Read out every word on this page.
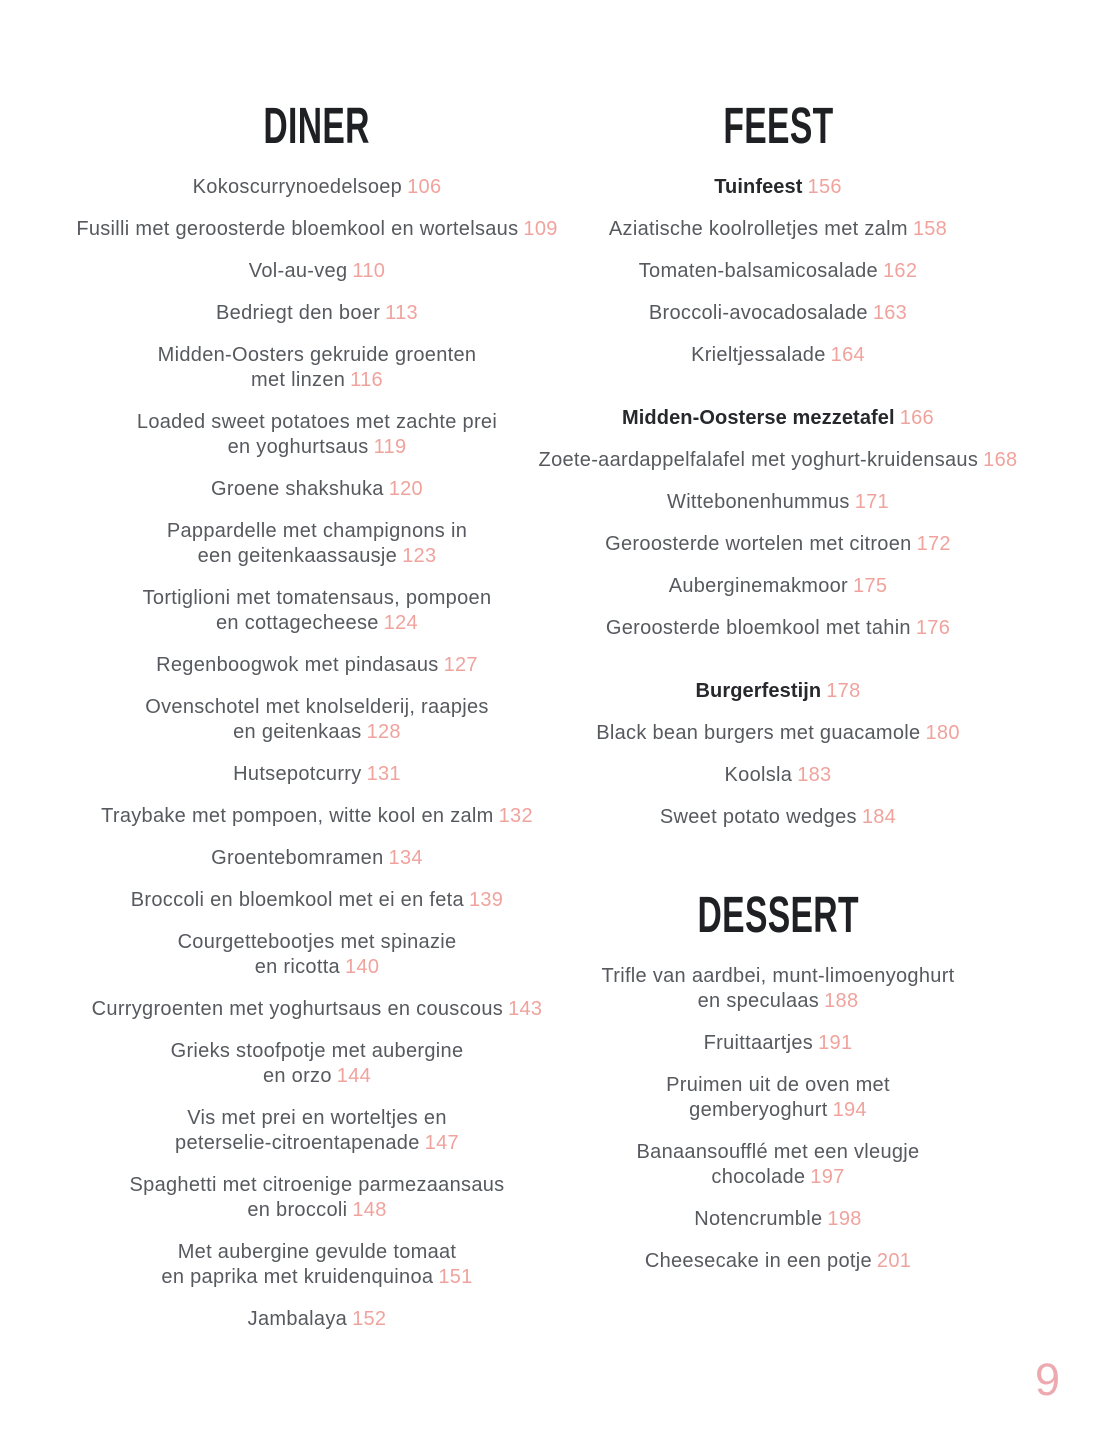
DINER

Kokoscurrynoedelsoep 106

Fusilli met geroosterde bloemkool en wortelsaus 109

Vol-au-veg 110

Bedriegt den boer 113

Midden-Oosters gekruide groenten
met linzen 116

Loaded sweet potatoes met zachte prei
en yoghurtsaus 119

Groene shakshuka 120

Pappardelle met champignons in
een geitenkaassausje 123

Tortiglioni met tomatensaus, pompoen
en cottagecheese 124

Regenboogwok met pindasaus 127

Ovenschotel met knolselderij, raapjes
en geitenkaas 128

Hutsepotcurry 131

Traybake met pompoen, witte kool en zalm 132

Groentebomramen 134

Broccoli en bloemkool met ei en feta 139

Courgettebootjes met spinazie
en ricotta 140

Currygroenten met yoghurtsaus en couscous 143

Grieks stoofpotje met aubergine
en orzo 144

Vis met prei en worteltjes en
peterselie-citroentapenade 147

Spaghetti met citroenige parmezaansaus
en broccoli 148

Met aubergine gevulde tomaat
en paprika met kruidenquinoa 151

Jambalaya 152

FEEST

Tuinfeest 156

Aziatische koolrolletjes met zalm 158

Tomaten-balsamicosalade 162

Broccoli-avocadosalade 163

Krieltjessalade 164

Midden-Oosterse mezzetafel 166

Zoete-aardappelfalafel met yoghurt-kruidensaus 168

Wittebonenhummus 171

Geroosterde wortelen met citroen 172

Auberginemakmoor 175

Geroosterde bloemkool met tahin 176

Burgerfestijn 178

Black bean burgers met guacamole 180

Koolsla 183

Sweet potato wedges 184

DESSERT

Trifle van aardbei, munt-limoenyoghurt
en speculaas 188

Fruittaartjes 191

Pruimen uit de oven met
gemberyoghurt 194

Banaansoufflé met een vleugje
chocolade 197

Notencrumble 198

Cheesecake in een potje 201

9
